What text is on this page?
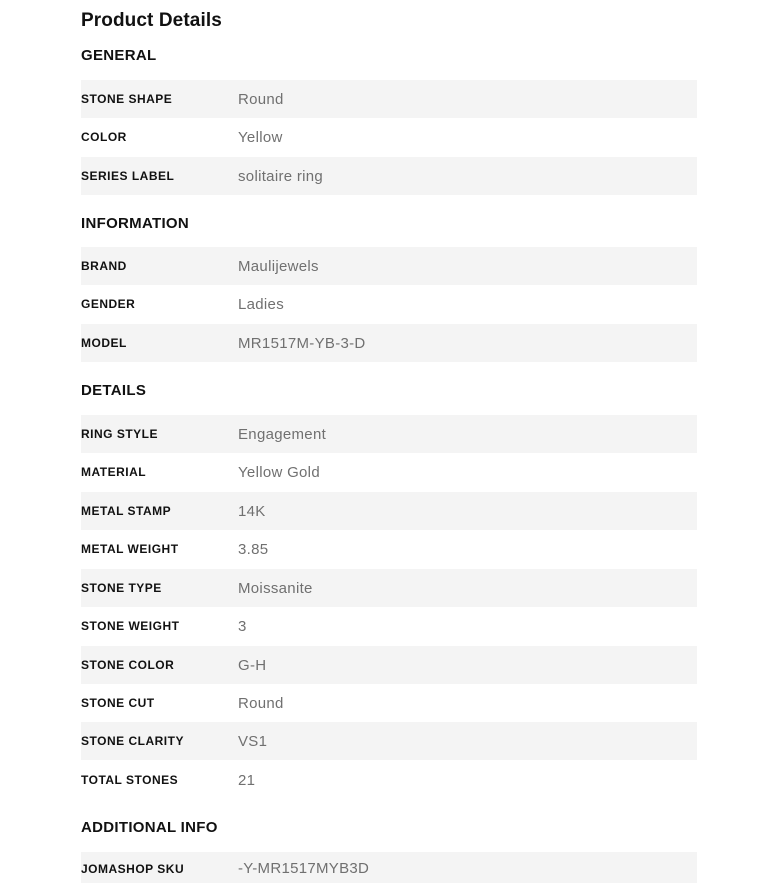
Product Details
GENERAL
STONE SHAPE	Round
COLOR	Yellow
SERIES LABEL	solitaire ring
INFORMATION
BRAND	Maulijewels
GENDER	Ladies
MODEL	MR1517M-YB-3-D
DETAILS
RING STYLE	Engagement
MATERIAL	Yellow Gold
METAL STAMP	14K
METAL WEIGHT	3.85
STONE TYPE	Moissanite
STONE WEIGHT	3
STONE COLOR	G-H
STONE CUT	Round
STONE CLARITY	VS1
TOTAL STONES	21
ADDITIONAL INFO
JOMASHOP SKU	-Y-MR1517MYB3D
